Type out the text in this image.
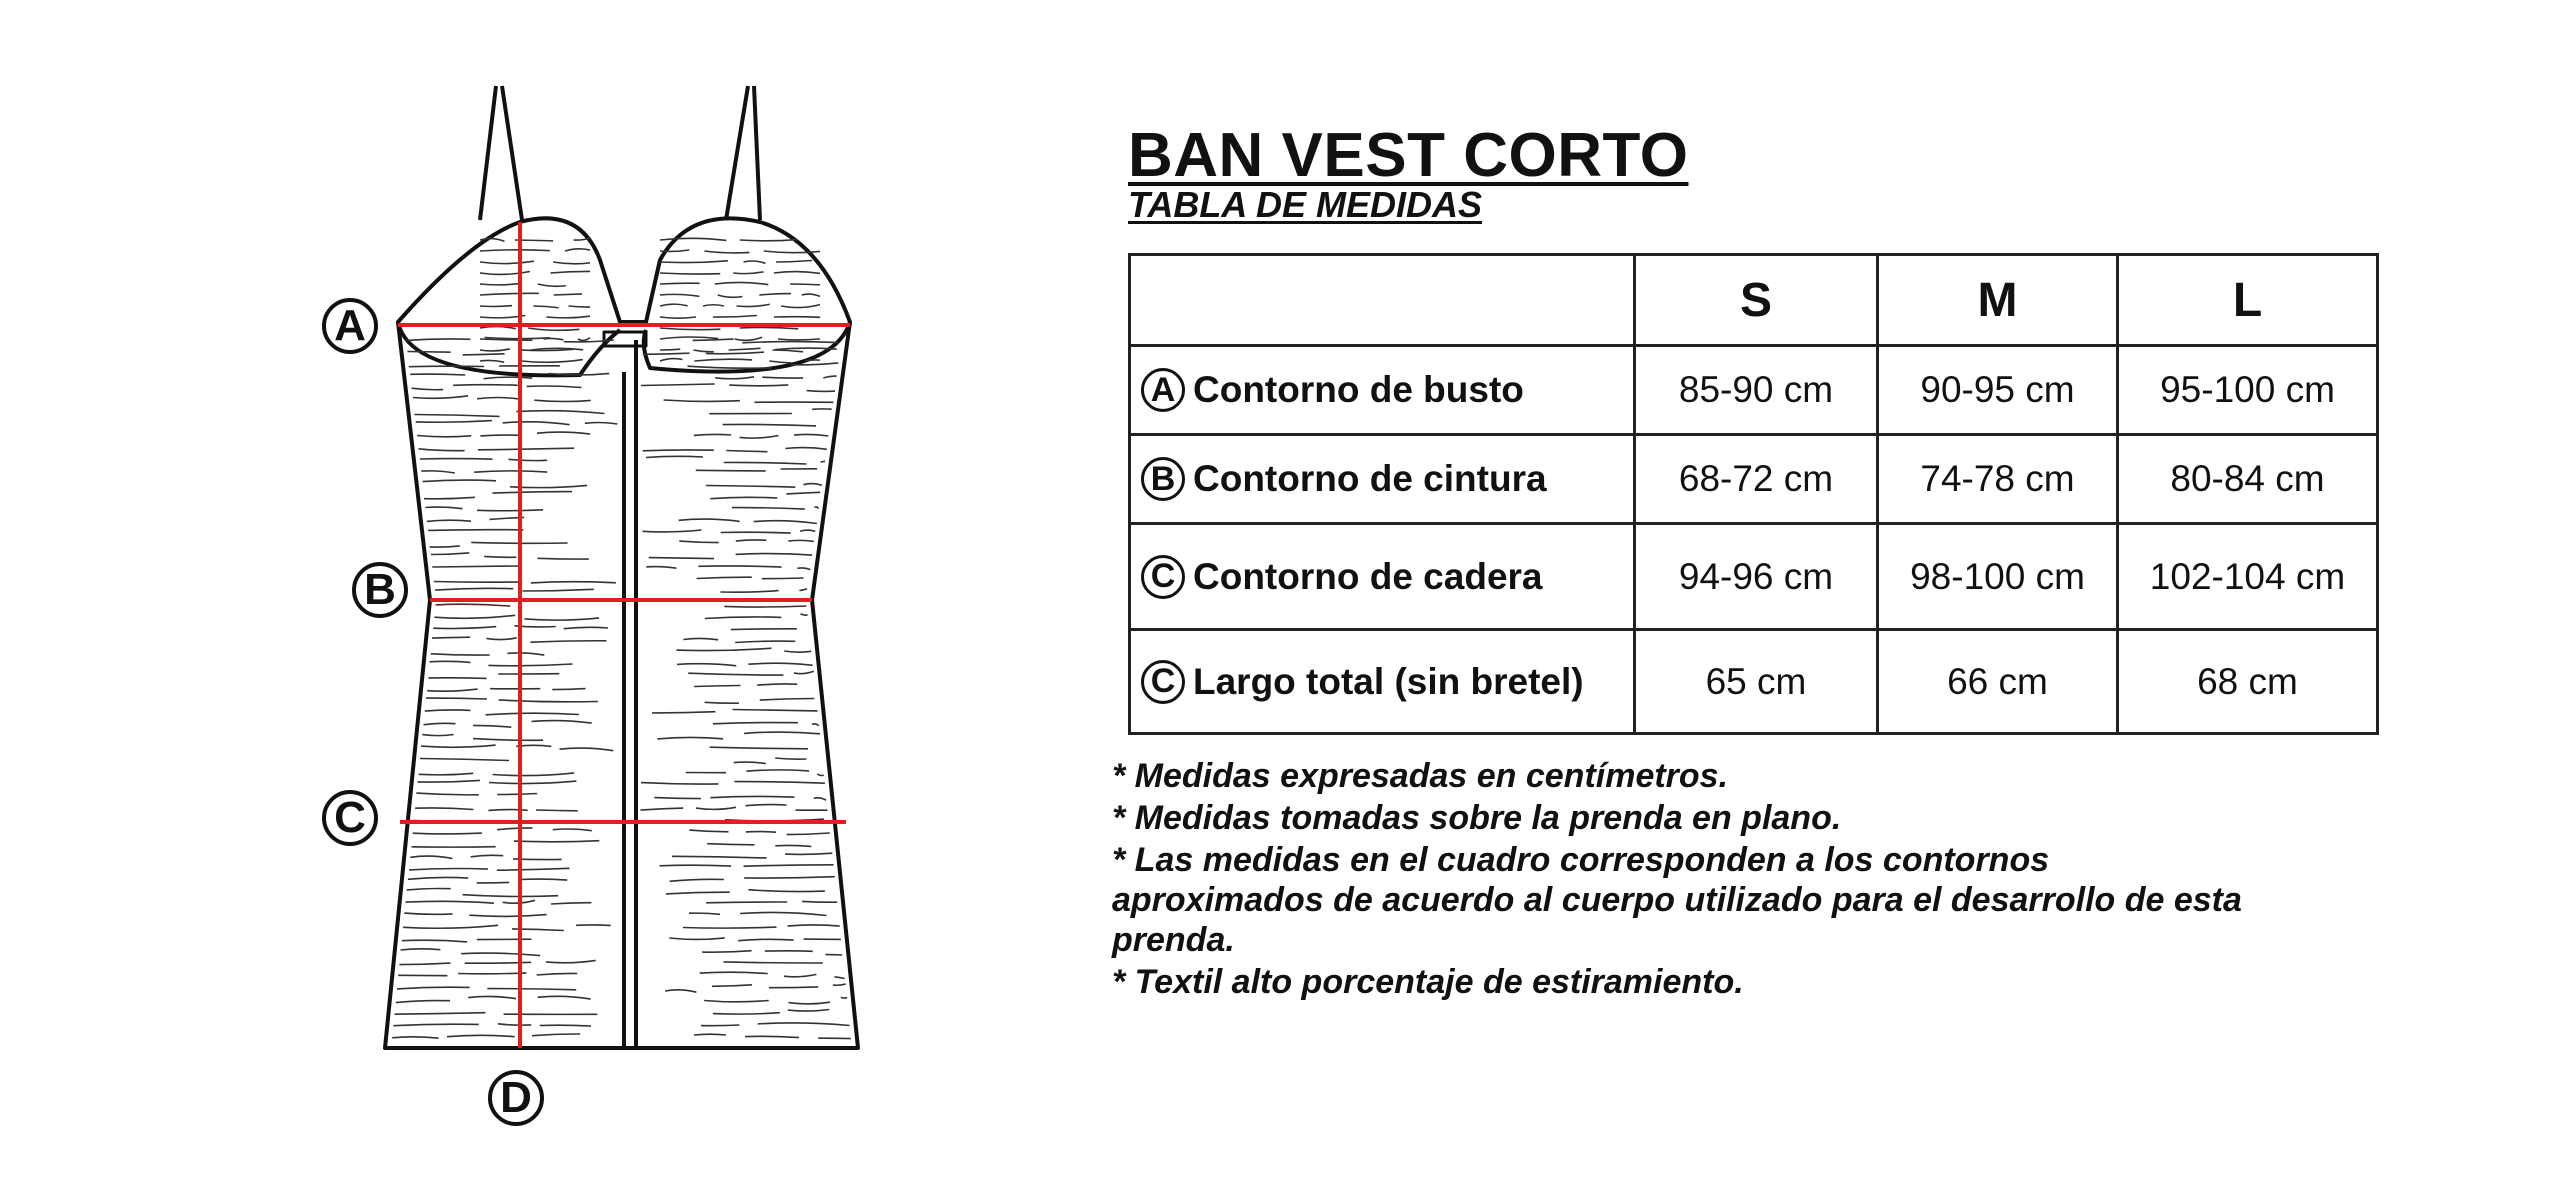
A
B
C
D
BAN VEST CORTO
TABLA DE MEDIDAS
	S	M	L

A Contorno de busto	85-90 cm	90-95 cm	95-100 cm

B Contorno de cintura	68-72 cm	74-78 cm	80-84 cm

C Contorno de cadera	94-96 cm	98-100 cm	102-104 cm

C Largo total (sin bretel)	65 cm	66 cm	68 cm
* Medidas expresadas en centímetros.
* Medidas tomadas sobre la prenda en plano.
* Las medidas en el cuadro corresponden a los contornos aproximados de acuerdo al cuerpo utilizado para el desarrollo de esta prenda.
* Textil alto porcentaje de estiramiento.
